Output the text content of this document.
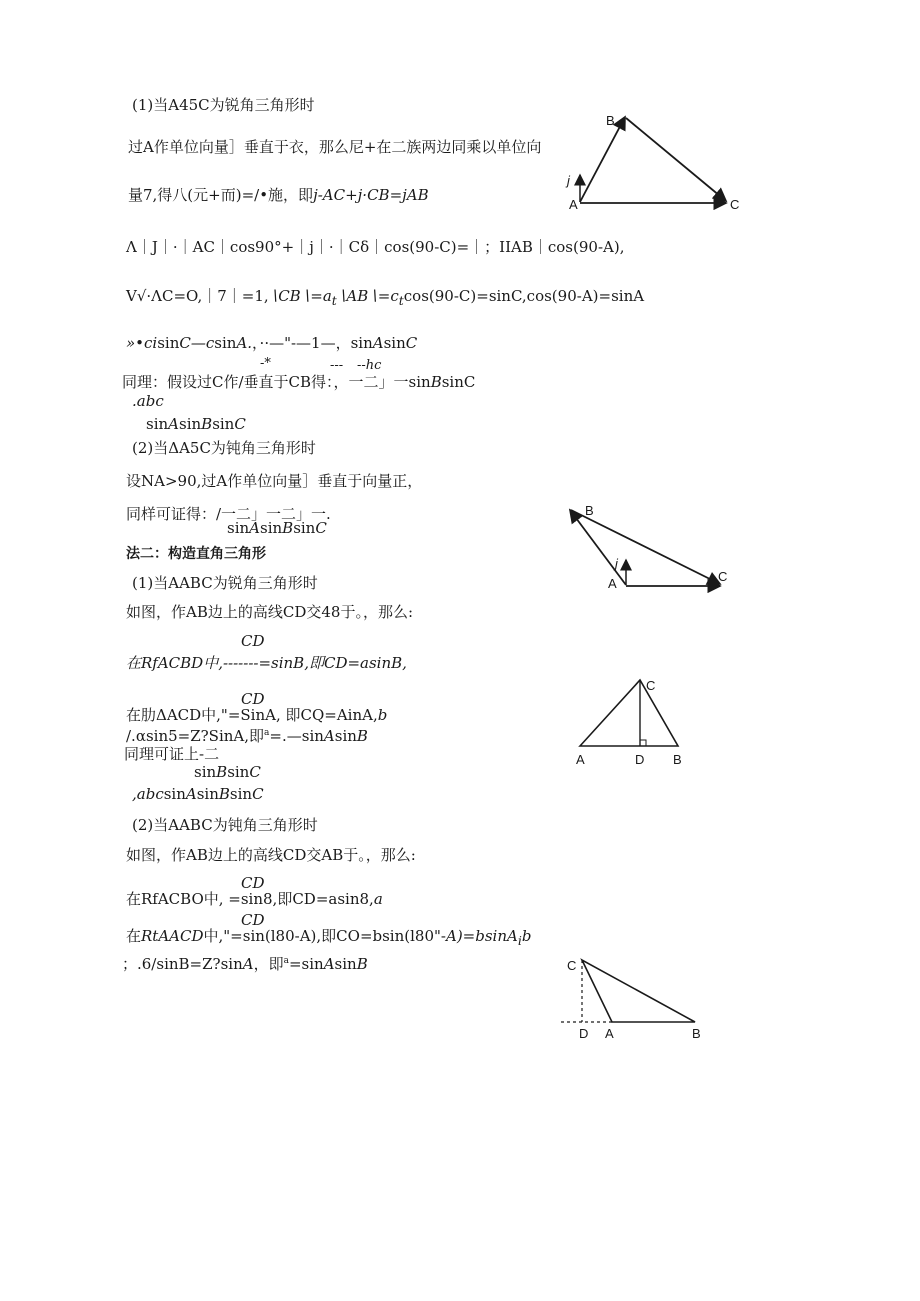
(1)当A45C为锐角三角形时
过A作单位向量］垂直于衣，那么尼+在二族两边同乘以单位向
量7,得八(元+而)=/•施，即j-AC+j·CB=jAB
Λ｜J｜·｜AC｜cos90°+｜j｜·｜Cδ｜cos(90-C)=｜；IIAB｜cos(90-A),
$V√\cdot\Lambda C=O,|7|=1,∖CB∖=a_t∖AB∖=c_t\cos(90-C)=\sin C,\cos(90-A)=\sin A$
»•cisinC—csinA.，··—"-—1—，sinAsinC
-*	--- --hc
同理：假设过C作/垂直于CB得：，一二」一sinBsinC
.abc
sinAsinBsinC
(2)当ΔA5C为钝角三角形时
设NA>90,过A作单位向量］垂直于向量正，
同样可证得：/一二」一二」一.
sinAsinBsinC
法二：构造直角三角形
(1)当AABC为锐角三角形时
如图，作AB边上的高线CD交48于。，那么:
CD
在RfACBD中,-------=sinB,即CD=asinB,
CD
在肋ΔACD中,"=SinA, 即CQ=AinA,b
/.αsin5=Z?SinA,即$^a$=.—sinAsinB
同理可证上-二
sinBsinC
,abcsinAsinBsinC
(2)当AABC为钝角三角形时
如图，作AB边上的高线CD交AB于。，那么:
CD
在RfACBO中, =sin8,即CD=asin8,a
CD
在RtAACD中,"=sin(l80-A),即CO=bsin(l80"-A)=bsinA$_i$b
；.6∕sinB=Z?sinA，即$^a$=sinAsinB
B
A	C
j
B
A	C
j
C
A	D B
C
D A	B
